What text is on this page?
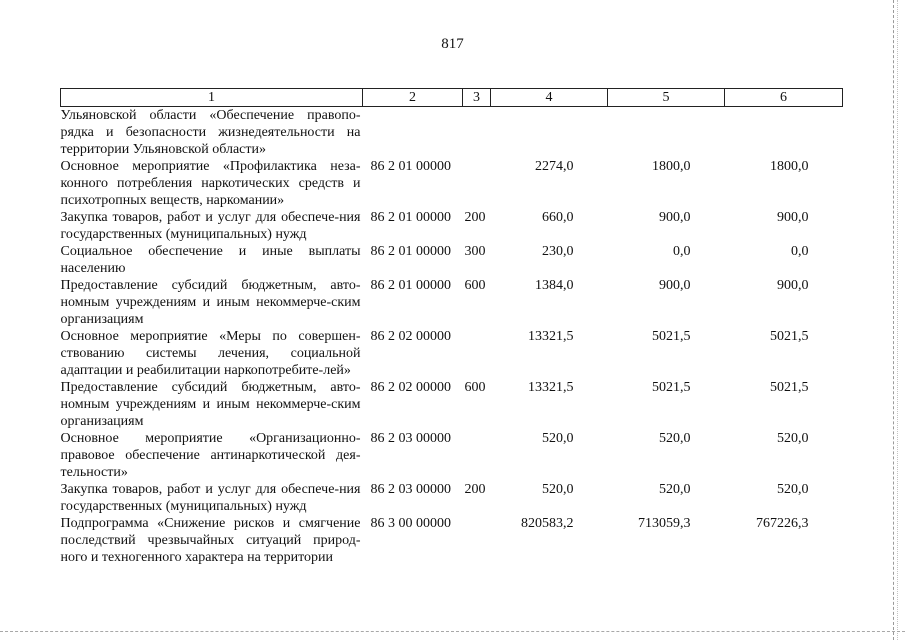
817
1	2	3	4	5	6
Ульяновской области «Обеспечение правопо-рядка и безопасности жизнедеятельности на территории Ульяновской области»					
Основное мероприятие «Профилактика неза-конного потребления наркотических средств и психотропных веществ, наркомании»	86 2 01 00000		2274,0	1800,0	1800,0
Закупка товаров, работ и услуг для обеспече-ния государственных (муниципальных) нужд	86 2 01 00000	200	660,0	900,0	900,0
Социальное обеспечение и иные выплаты населению	86 2 01 00000	300	230,0	0,0	0,0
Предоставление субсидий бюджетным, авто-номным учреждениям и иным некоммерче-ским организациям	86 2 01 00000	600	1384,0	900,0	900,0
Основное мероприятие «Меры по совершен-ствованию системы лечения, социальной адаптации и реабилитации наркопотребите-лей»	86 2 02 00000		13321,5	5021,5	5021,5
Предоставление субсидий бюджетным, авто-номным учреждениям и иным некоммерче-ским организациям	86 2 02 00000	600	13321,5	5021,5	5021,5
Основное мероприятие «Организационно-правовое обеспечение антинаркотической дея-тельности»	86 2 03 00000		520,0	520,0	520,0
Закупка товаров, работ и услуг для обеспече-ния государственных (муниципальных) нужд	86 2 03 00000	200	520,0	520,0	520,0
Подпрограмма «Снижение рисков и смягчение последствий чрезвычайных ситуаций природ-ного и техногенного характера на территории	86 3 00 00000		820583,2	713059,3	767226,3
